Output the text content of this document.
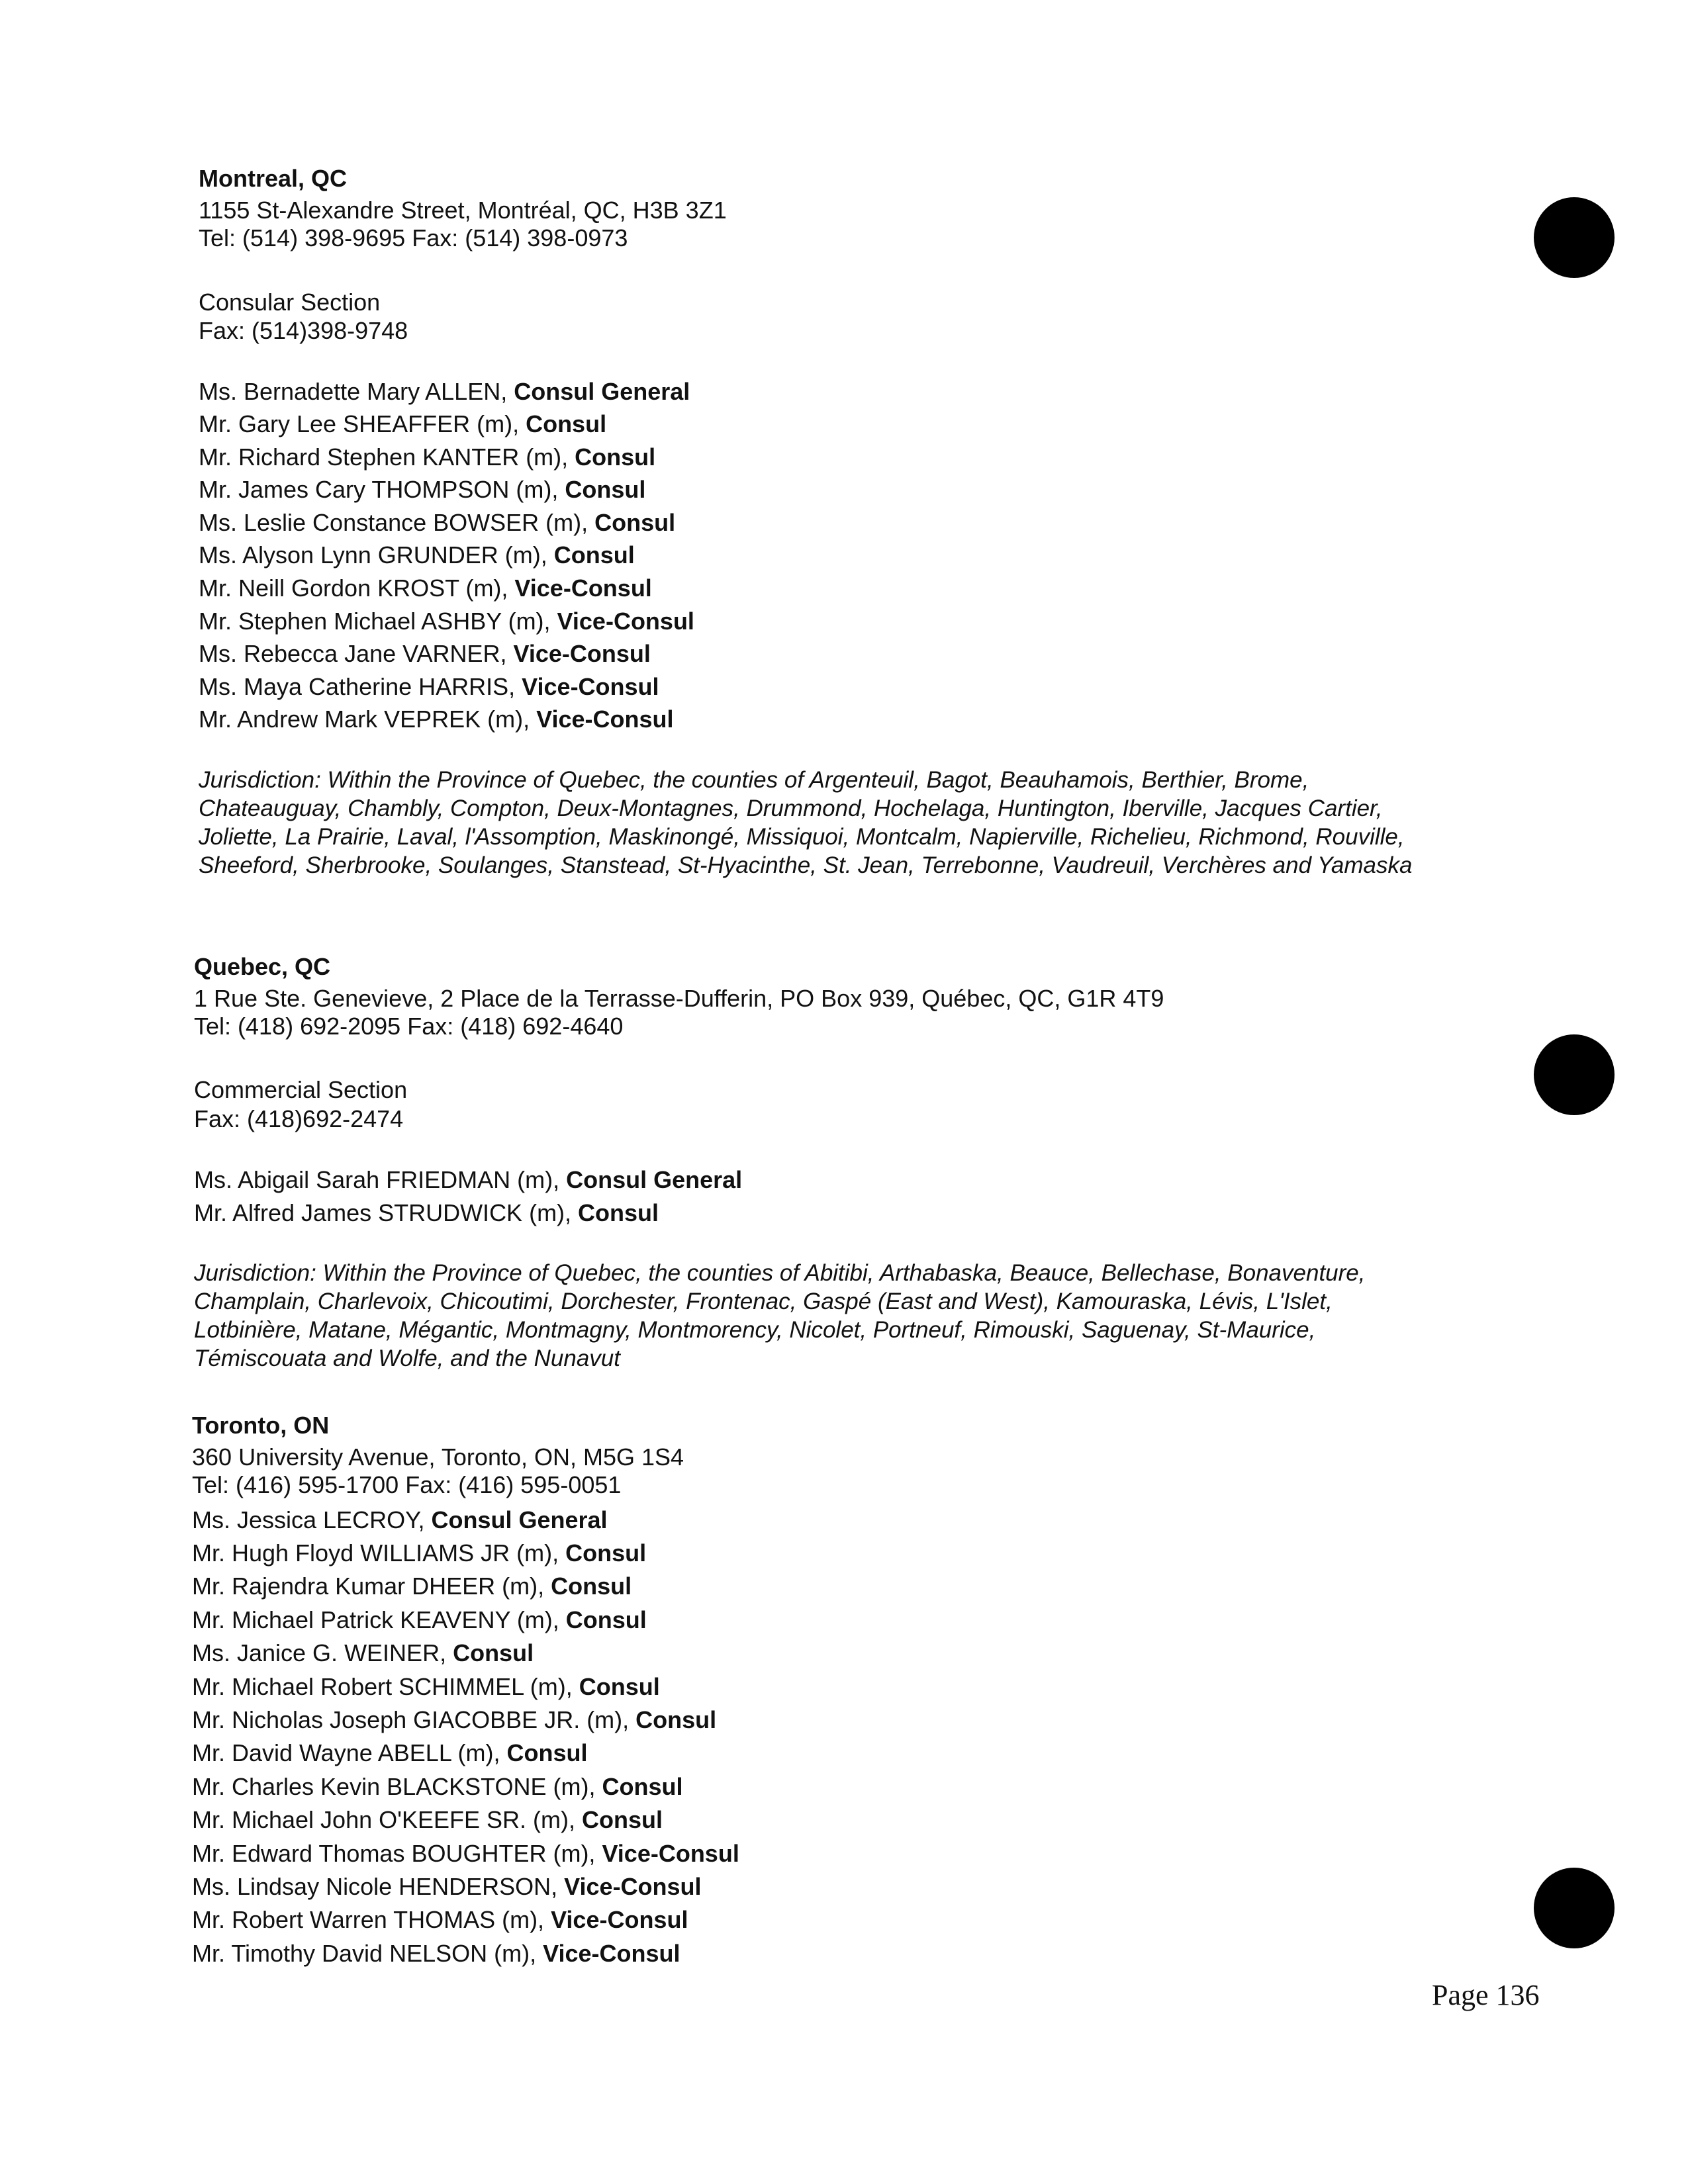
Montreal, QC
1155 St-Alexandre Street, Montréal, QC, H3B 3Z1
Tel: (514) 398-9695 Fax: (514) 398-0973
Consular Section
Fax: (514)398-9748
Ms. Bernadette Mary ALLEN, Consul General
Mr. Gary Lee SHEAFFER (m), Consul
Mr. Richard Stephen KANTER (m), Consul
Mr. James Cary THOMPSON (m), Consul
Ms. Leslie Constance BOWSER (m), Consul
Ms. Alyson Lynn GRUNDER (m), Consul
Mr. Neill Gordon KROST (m), Vice-Consul
Mr. Stephen Michael ASHBY (m), Vice-Consul
Ms. Rebecca Jane VARNER, Vice-Consul
Ms. Maya Catherine HARRIS, Vice-Consul
Mr. Andrew Mark VEPREK (m), Vice-Consul
Jurisdiction: Within the Province of Quebec, the counties of Argenteuil, Bagot, Beauhamois, Berthier, Brome,
Chateauguay, Chambly, Compton, Deux-Montagnes, Drummond, Hochelaga, Huntington, Iberville, Jacques Cartier,
Joliette, La Prairie, Laval, l'Assomption, Maskinongé, Missiquoi, Montcalm, Napierville, Richelieu, Richmond, Rouville,
Sheeford, Sherbrooke, Soulanges, Stanstead, St-Hyacinthe, St. Jean, Terrebonne, Vaudreuil, Verchères and Yamaska
Quebec, QC
1 Rue Ste. Genevieve, 2 Place de la Terrasse-Dufferin, PO Box 939, Québec, QC, G1R 4T9
Tel: (418) 692-2095 Fax: (418) 692-4640
Commercial Section
Fax: (418)692-2474
Ms. Abigail Sarah FRIEDMAN (m), Consul General
Mr. Alfred James STRUDWICK (m), Consul
Jurisdiction: Within the Province of Quebec, the counties of Abitibi, Arthabaska, Beauce, Bellechase, Bonaventure,
Champlain, Charlevoix, Chicoutimi, Dorchester, Frontenac, Gaspé (East and West), Kamouraska, Lévis, L'Islet,
Lotbinière, Matane, Mégantic, Montmagny, Montmorency, Nicolet, Portneuf, Rimouski, Saguenay, St-Maurice,
Témiscouata and Wolfe, and the Nunavut
Toronto, ON
360 University Avenue, Toronto, ON, M5G 1S4
Tel: (416) 595-1700 Fax: (416) 595-0051
Ms. Jessica LECROY, Consul General
Mr. Hugh Floyd WILLIAMS JR (m), Consul
Mr. Rajendra Kumar DHEER (m), Consul
Mr. Michael Patrick KEAVENY (m), Consul
Ms. Janice G. WEINER, Consul
Mr. Michael Robert SCHIMMEL (m), Consul
Mr. Nicholas Joseph GIACOBBE JR. (m), Consul
Mr. David Wayne ABELL (m), Consul
Mr. Charles Kevin BLACKSTONE (m), Consul
Mr. Michael John O'KEEFE SR. (m), Consul
Mr. Edward Thomas BOUGHTER (m), Vice-Consul
Ms. Lindsay Nicole HENDERSON, Vice-Consul
Mr. Robert Warren THOMAS (m), Vice-Consul
Mr. Timothy David NELSON (m), Vice-Consul
Page 136
